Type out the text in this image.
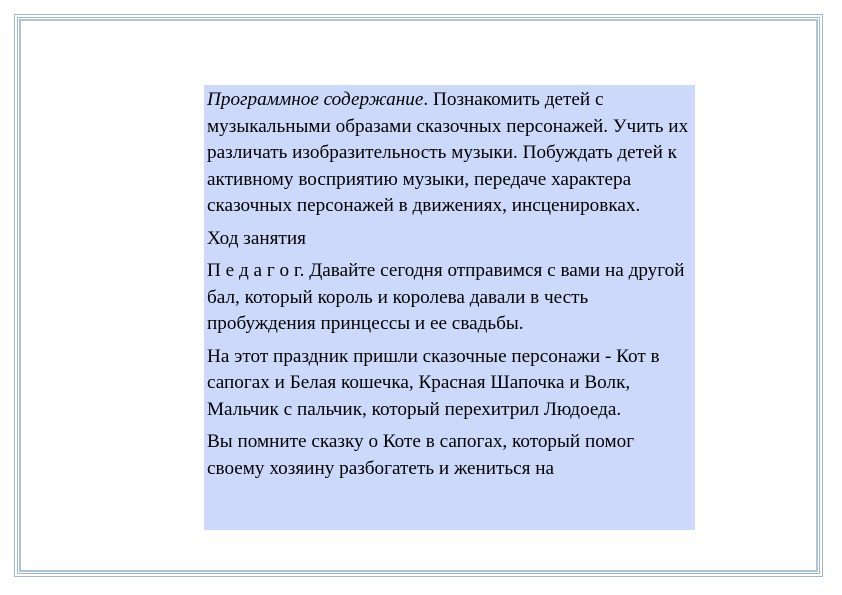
Программное содержание. Познакомить детей с музыкальными образами сказочных персонажей. Учить их различать изобразительность музыки. Побуждать детей к активному восприятию музыки, передаче характера сказочных персонажей в движениях, инсценировках.

Ход занятия

П е д а г о г. Давайте сегодня отправимся с вами на другой бал, который король и королева давали в честь пробуждения принцессы и ее свадьбы.

На этот праздник пришли сказочные персонажи - Кот в сапогах и Белая кошечка, Красная Шапочка и Волк, Мальчик с пальчик, который перехитрил Людоеда.

Вы помните сказку о Коте в сапогах, который помог своему хозяину разбогатеть и жениться на
